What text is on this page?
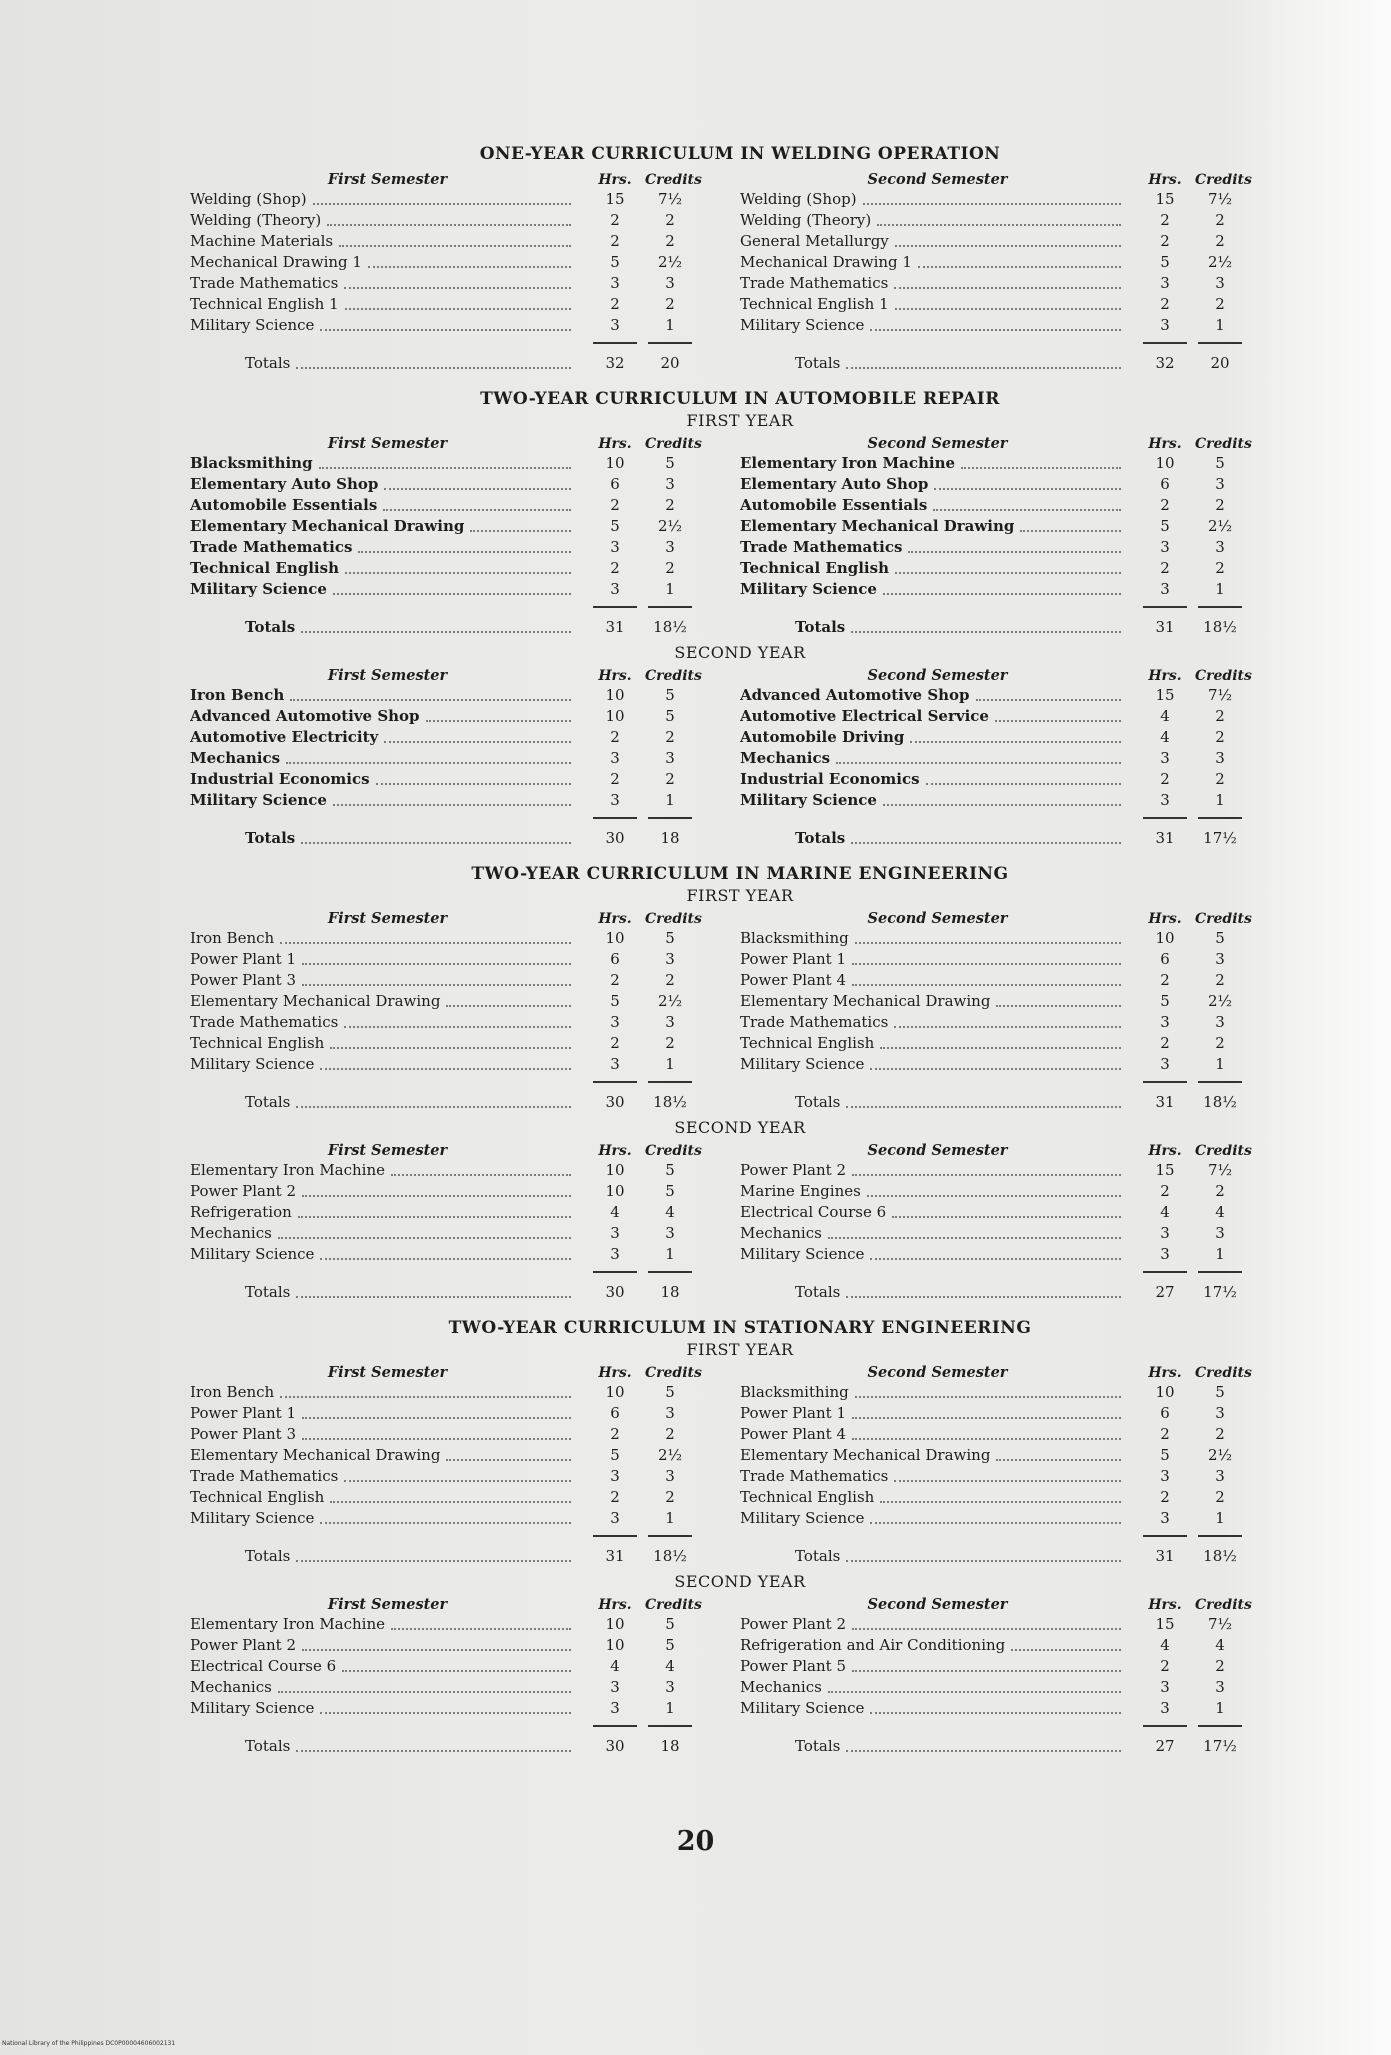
ONE-YEAR CURRICULUM IN WELDING OPERATION
First Semester	Hrs. Credits
Welding (Shop)	15	7½
Welding (Theory)	2	2
Machine Materials	2	2
Mechanical Drawing 1	5	2½
Trade Mathematics	3	3
Technical English 1	2	2
Military Science	3	1
Totals	32	20
Second Semester	Hrs. Credits
Welding (Shop)	15	7½
Welding (Theory)	2	2
General Metallurgy	2	2
Mechanical Drawing 1	5	2½
Trade Mathematics	3	3
Technical English 1	2	2
Military Science	3	1
Totals	32	20
TWO-YEAR CURRICULUM IN AUTOMOBILE REPAIR
FIRST YEAR
First Semester	Hrs. Credits
Blacksmithing	10	5
Elementary Auto Shop	6	3
Automobile Essentials	2	2
Elementary Mechanical Drawing	5	2½
Trade Mathematics	3	3
Technical English	2	2
Military Science	3	1
Totals	31	18½
Second Semester	Hrs. Credits
Elementary Iron Machine	10	5
Elementary Auto Shop	6	3
Automobile Essentials	2	2
Elementary Mechanical Drawing	5	2½
Trade Mathematics	3	3
Technical English	2	2
Military Science	3	1
Totals	31	18½
SECOND YEAR
First Semester	Hrs. Credits
Iron Bench	10	5
Advanced Automotive Shop	10	5
Automotive Electricity	2	2
Mechanics	3	3
Industrial Economics	2	2
Military Science	3	1
Totals	30	18
Second Semester	Hrs. Credits
Advanced Automotive Shop	15	7½
Automotive Electrical Service	4	2
Automobile Driving	4	2
Mechanics	3	3
Industrial Economics	2	2
Military Science	3	1
Totals	31	17½
TWO-YEAR CURRICULUM IN MARINE ENGINEERING
FIRST YEAR
First Semester	Hrs. Credits
Iron Bench	10	5
Power Plant 1	6	3
Power Plant 3	2	2
Elementary Mechanical Drawing	5	2½
Trade Mathematics	3	3
Technical English	2	2
Military Science	3	1
Totals	30	18½
Second Semester	Hrs. Credits
Blacksmithing	10	5
Power Plant 1	6	3
Power Plant 4	2	2
Elementary Mechanical Drawing	5	2½
Trade Mathematics	3	3
Technical English	2	2
Military Science	3	1
Totals	31	18½
SECOND YEAR
First Semester	Hrs. Credits
Elementary Iron Machine	10	5
Power Plant 2	10	5
Refrigeration	4	4
Mechanics	3	3
Military Science	3	1
Totals	30	18
Second Semester	Hrs. Credits
Power Plant 2	15	7½
Marine Engines	2	2
Electrical Course 6	4	4
Mechanics	3	3
Military Science	3	1
Totals	27	17½
TWO-YEAR CURRICULUM IN STATIONARY ENGINEERING
FIRST YEAR
First Semester	Hrs. Credits
Iron Bench	10	5
Power Plant 1	6	3
Power Plant 3	2	2
Elementary Mechanical Drawing	5	2½
Trade Mathematics	3	3
Technical English	2	2
Military Science	3	1
Totals	31	18½
Second Semester	Hrs. Credits
Blacksmithing	10	5
Power Plant 1	6	3
Power Plant 4	2	2
Elementary Mechanical Drawing	5	2½
Trade Mathematics	3	3
Technical English	2	2
Military Science	3	1
Totals	31	18½
SECOND YEAR
First Semester	Hrs. Credits
Elementary Iron Machine	10	5
Power Plant 2	10	5
Electrical Course 6	4	4
Mechanics	3	3
Military Science	3	1
Totals	30	18
Second Semester	Hrs. Credits
Power Plant 2	15	7½
Refrigeration and Air Conditioning	4	4
Power Plant 5	2	2
Mechanics	3	3
Military Science	3	1
Totals	27	17½
20
National Library of the Philippines DC0P00004606002131
